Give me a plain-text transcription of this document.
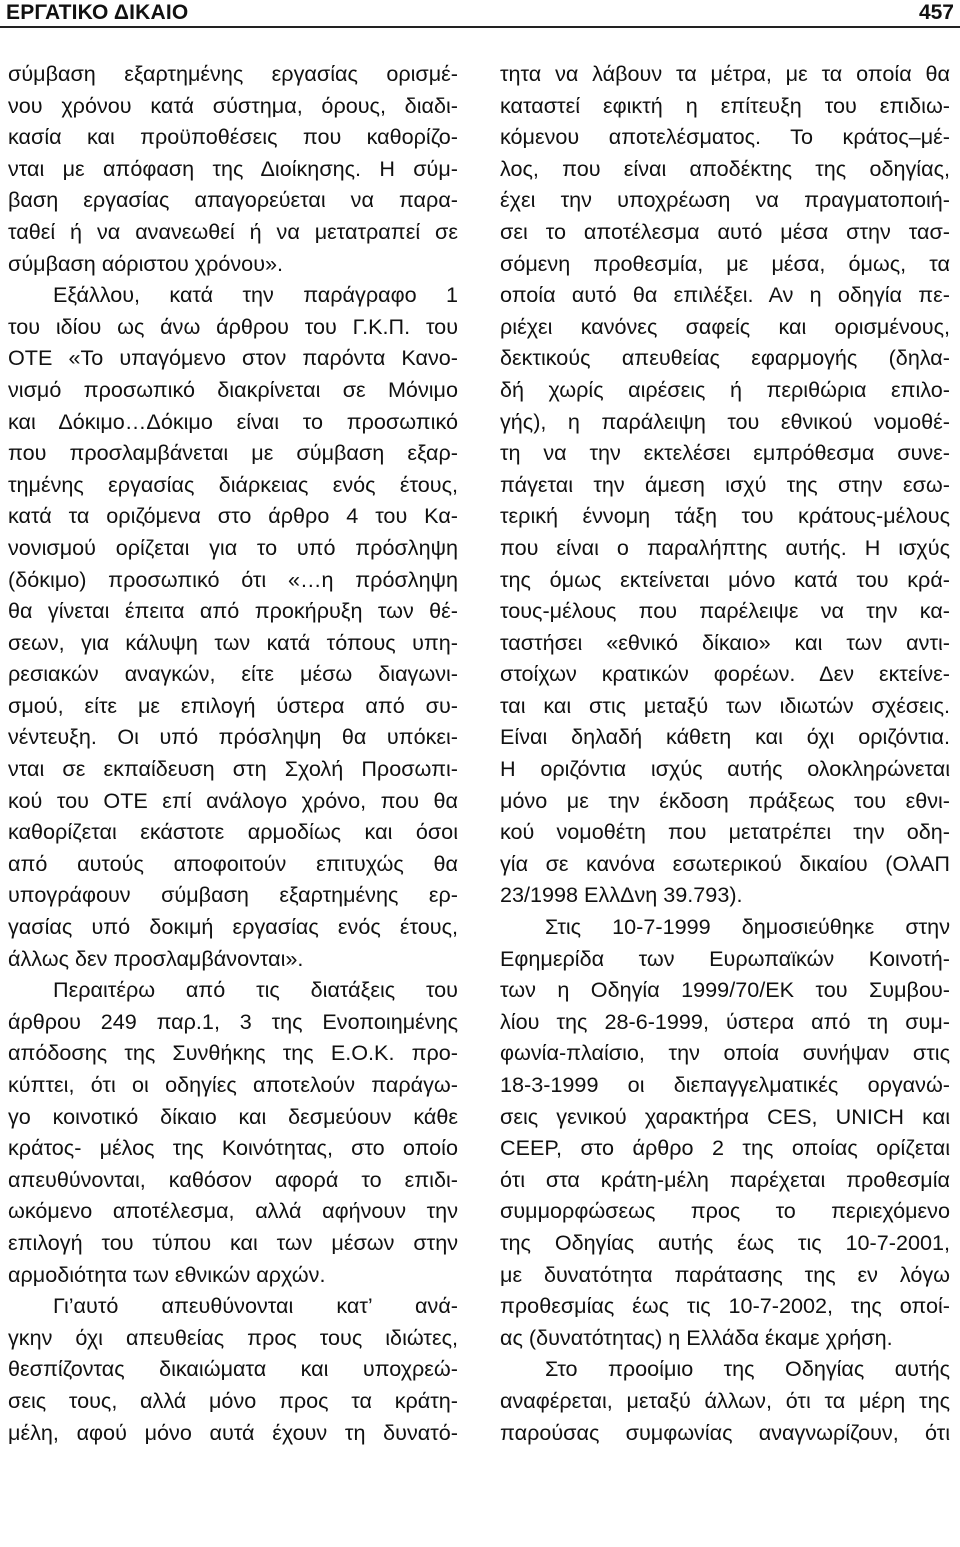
ΕΡΓΑΤΙΚΟ ΔΙΚΑΙΟ	457
σύμβαση εξαρτημένης εργασίας ορισμέ-
νου χρόνου κατά σύστημα, όρους, διαδι-
κασία και προϋποθέσεις που καθορίζο-
νται με απόφαση της Διοίκησης. Η σύμ-
βαση εργασίας απαγορεύεται να παρα-
ταθεί ή να ανανεωθεί ή να μετατραπεί σε
σύμβαση αόριστου χρόνου».
Εξάλλου, κατά την παράγραφο 1
του ιδίου ως άνω άρθρου του Γ.Κ.Π. του
ΟΤΕ «Το υπαγόμενο στον παρόντα Κανο-
νισμό προσωπικό διακρίνεται σε Μόνιμο
και Δόκιμο…Δόκιμο είναι το προσωπικό
που προσλαμβάνεται με σύμβαση εξαρ-
τημένης εργασίας διάρκειας ενός έτους,
κατά τα οριζόμενα στο άρθρο 4 του Κα-
νονισμού ορίζεται για το υπό πρόσληψη
(δόκιμο) προσωπικό ότι «…η πρόσληψη
θα γίνεται έπειτα από προκήρυξη των θέ-
σεων, για κάλυψη των κατά τόπους υπη-
ρεσιακών αναγκών, είτε μέσω διαγωνι-
σμού, είτε με επιλογή ύστερα από συ-
νέντευξη. Οι υπό πρόσληψη θα υπόκει-
νται σε εκπαίδευση στη Σχολή Προσωπι-
κού του ΟΤΕ επί ανάλογο χρόνο, που θα
καθορίζεται εκάστοτε αρμοδίως και όσοι
από αυτούς αποφοιτούν επιτυχώς θα
υπογράφουν σύμβαση εξαρτημένης ερ-
γασίας υπό δοκιμή εργασίας ενός έτους,
άλλως δεν προσλαμβάνονται».
Περαιτέρω από τις διατάξεις του
άρθρου 249 παρ.1, 3 της Ενοποιημένης
απόδοσης της Συνθήκης της Ε.Ο.Κ. προ-
κύπτει, ότι οι οδηγίες αποτελούν παράγω-
γο κοινοτικό δίκαιο και δεσμεύουν κάθε
κράτος- μέλος της Κοινότητας, στο οποίο
απευθύνονται, καθόσον αφορά το επιδι-
ωκόμενο αποτέλεσμα, αλλά αφήνουν την
επιλογή του τύπου και των μέσων στην
αρμοδιότητα των εθνικών αρχών.
Γι’αυτό απευθύνονται κατ’ ανά-
γκην όχι απευθείας προς τους ιδιώτες,
θεσπίζοντας δικαιώματα και υποχρεώ-
σεις τους, αλλά μόνο προς τα κράτη-
μέλη, αφού μόνο αυτά έχουν τη δυνατό-
τητα να λάβουν τα μέτρα, με τα οποία θα
καταστεί εφικτή η επίτευξη του επιδιω-
κόμενου αποτελέσματος. Το κράτος–μέ-
λος, που είναι αποδέκτης της οδηγίας,
έχει την υποχρέωση να πραγματοποιή-
σει το αποτέλεσμα αυτό μέσα στην τασ-
σόμενη προθεσμία, με μέσα, όμως, τα
οποία αυτό θα επιλέξει. Αν η οδηγία πε-
ριέχει κανόνες σαφείς και ορισμένους,
δεκτικούς απευθείας εφαρμογής (δηλα-
δή χωρίς αιρέσεις ή περιθώρια επιλο-
γής), η παράλειψη του εθνικού νομοθέ-
τη να την εκτελέσει εμπρόθεσμα συνε-
πάγεται την άμεση ισχύ της στην εσω-
τερική έννομη τάξη του κράτους-μέλους
που είναι ο παραλήπτης αυτής. Η ισχύς
της όμως εκτείνεται μόνο κατά του κρά-
τους-μέλους που παρέλειψε να την κα-
ταστήσει «εθνικό δίκαιο» και των αντι-
στοίχων κρατικών φορέων. Δεν εκτείνε-
ται και στις μεταξύ των ιδιωτών σχέσεις.
Είναι δηλαδή κάθετη και όχι οριζόντια.
Η οριζόντια ισχύς αυτής ολοκληρώνεται
μόνο με την έκδοση πράξεως του εθνι-
κού νομοθέτη που μετατρέπει την οδη-
γία σε κανόνα εσωτερικού δικαίου (ΟλΑΠ
23/1998 ΕλλΔνη 39.793).
Στις 10-7-1999 δημοσιεύθηκε στην
Εφημερίδα των Ευρωπαϊκών Κοινοτή-
των η Οδηγία 1999/70/ΕΚ του Συμβου-
λίου της 28-6-1999, ύστερα από τη συμ-
φωνία-πλαίσιο, την οποία συνήψαν στις
18-3-1999 οι διεπαγγελματικές οργανώ-
σεις γενικού χαρακτήρα CES, UNICH και
CEEP, στο άρθρο 2 της οποίας ορίζεται
ότι στα κράτη-μέλη παρέχεται προθεσμία
συμμορφώσεως προς το περιεχόμενο
της Οδηγίας αυτής έως τις 10-7-2001,
με δυνατότητα παράτασης της εν λόγω
προθεσμίας έως τις 10-7-2002, της οποί-
ας (δυνατότητας) η Ελλάδα έκαμε χρήση.
Στο προοίμιο της Οδηγίας αυτής
αναφέρεται, μεταξύ άλλων, ότι τα μέρη της
παρούσας συμφωνίας αναγνωρίζουν, ότι
